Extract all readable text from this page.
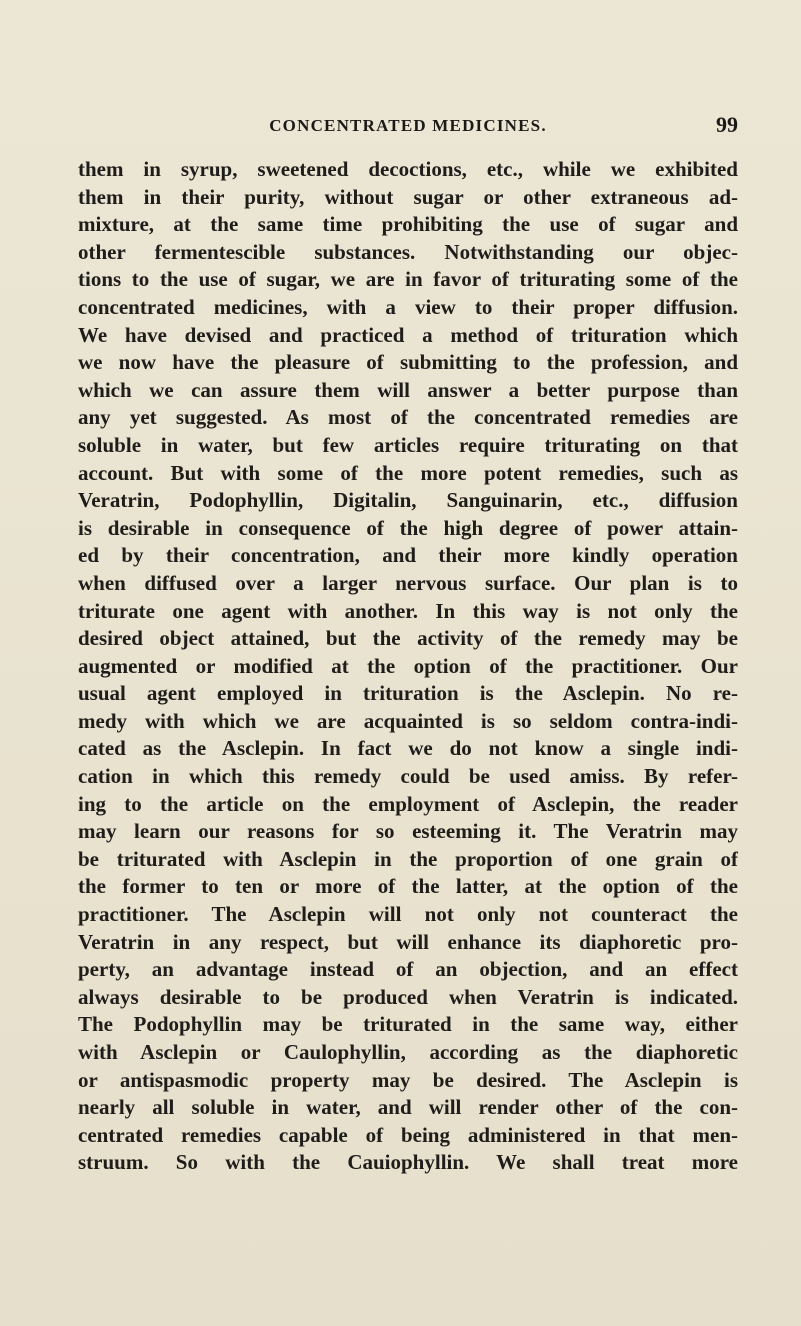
CONCENTRATED MEDICINES.	99
them in syrup, sweetened decoctions, etc., while we exhibited
them in their purity, without sugar or other extraneous ad-
mixture, at the same time prohibiting the use of sugar and
other fermentescible substances. Notwithstanding our objec-
tions to the use of sugar, we are in favor of triturating some of the
concentrated medicines, with a view to their proper diffusion.
We have devised and practiced a method of trituration which
we now have the pleasure of submitting to the profession, and
which we can assure them will answer a better purpose than
any yet suggested. As most of the concentrated remedies are
soluble in water, but few articles require triturating on that
account. But with some of the more potent remedies, such as
Veratrin, Podophyllin, Digitalin, Sanguinarin, etc., diffusion
is desirable in consequence of the high degree of power attain-
ed by their concentration, and their more kindly operation
when diffused over a larger nervous surface. Our plan is to
triturate one agent with another. In this way is not only the
desired object attained, but the activity of the remedy may be
augmented or modified at the option of the practitioner. Our
usual agent employed in trituration is the Asclepin. No re-
medy with which we are acquainted is so seldom contra-indi-
cated as the Asclepin. In fact we do not know a single indi-
cation in which this remedy could be used amiss. By refer-
ing to the article on the employment of Asclepin, the reader
may learn our reasons for so esteeming it. The Veratrin may
be triturated with Asclepin in the proportion of one grain of
the former to ten or more of the latter, at the option of the
practitioner. The Asclepin will not only not counteract the
Veratrin in any respect, but will enhance its diaphoretic pro-
perty, an advantage instead of an objection, and an effect
always desirable to be produced when Veratrin is indicated.
The Podophyllin may be triturated in the same way, either
with Asclepin or Caulophyllin, according as the diaphoretic
or antispasmodic property may be desired. The Asclepin is
nearly all soluble in water, and will render other of the con-
centrated remedies capable of being administered in that men-
struum. So with the Cauiophyllin. We shall treat more
